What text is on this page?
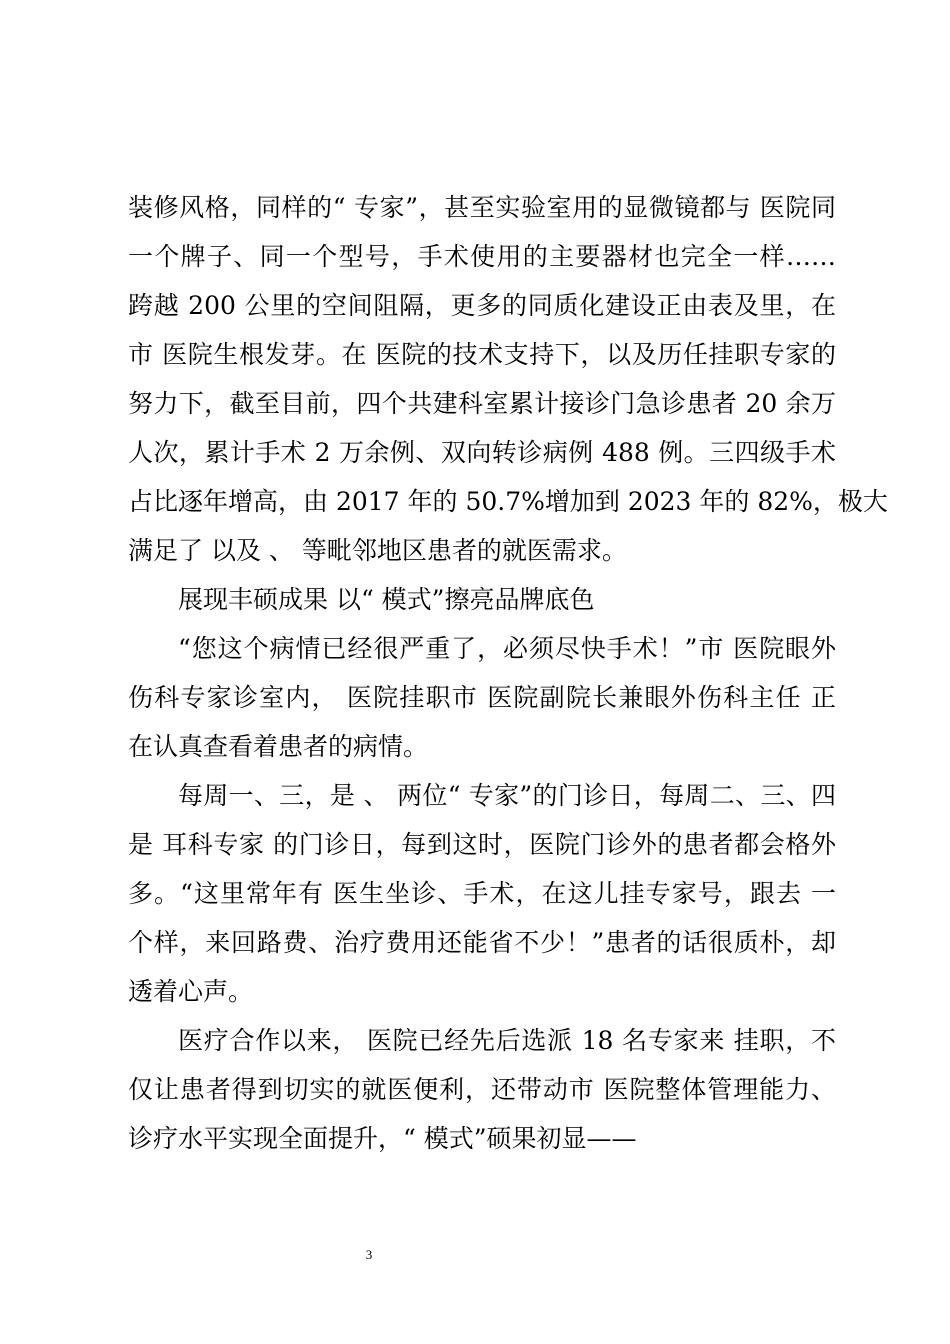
装修风格，同样的“ 专家”，甚至实验室用的显微镜都与 医院同
一个牌子、同一个型号，手术使用的主要器材也完全一样……
跨越 200 公里的空间阻隔，更多的同质化建设正由表及里，在
市 医院生根发芽。在 医院的技术支持下，以及历任挂职专家的
努力下，截至目前，四个共建科室累计接诊门急诊患者 20 余万
人次，累计手术 2 万余例、双向转诊病例 488 例。三四级手术
占比逐年增高，由 2017 年的 50.7%增加到 2023 年的 82%，极大
满足了 以及 、 等毗邻地区患者的就医需求。
展现丰硕成果 以“ 模式”擦亮品牌底色
“您这个病情已经很严重了，必须尽快手术！”市 医院眼外
伤科专家诊室内， 医院挂职市 医院副院长兼眼外伤科主任 正
在认真查看着患者的病情。
每周一、三，是 、 两位“ 专家”的门诊日，每周二、三、四
是 耳科专家 的门诊日，每到这时，医院门诊外的患者都会格外
多。“这里常年有 医生坐诊、手术，在这儿挂专家号，跟去 一
个样，来回路费、治疗费用还能省不少！”患者的话很质朴，却
透着心声。
医疗合作以来， 医院已经先后选派 18 名专家来 挂职，不
仅让患者得到切实的就医便利，还带动市 医院整体管理能力、
诊疗水平实现全面提升，“ 模式”硕果初显——
3
